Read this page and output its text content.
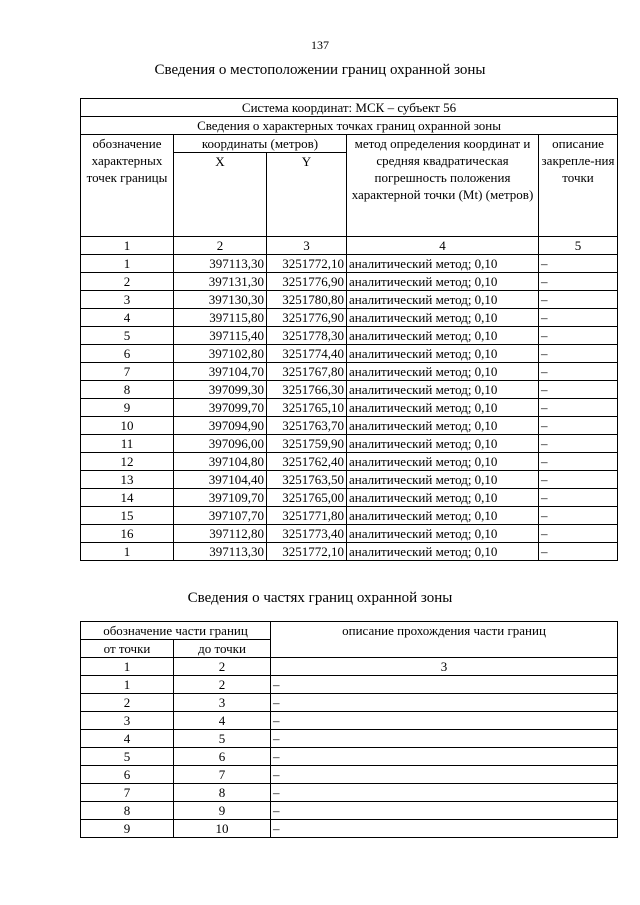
137
Сведения о местоположении границ охранной зоны
Система координат: МСК – субъект 56				
Сведения о характерных точках границ охранной зоны				
обозначение характерных точек границы	координаты (метров)		метод определения координат и средняя квадратическая погрешность положения характерной точки (Mt) (метров)	описание закрепле-ния точки
	X	Y		
1	2	3	4	5
1	397113,30	3251772,10	аналитический метод; 0,10	–
2	397131,30	3251776,90	аналитический метод; 0,10	–
3	397130,30	3251780,80	аналитический метод; 0,10	–
4	397115,80	3251776,90	аналитический метод; 0,10	–
5	397115,40	3251778,30	аналитический метод; 0,10	–
6	397102,80	3251774,40	аналитический метод; 0,10	–
7	397104,70	3251767,80	аналитический метод; 0,10	–
8	397099,30	3251766,30	аналитический метод; 0,10	–
9	397099,70	3251765,10	аналитический метод; 0,10	–
10	397094,90	3251763,70	аналитический метод; 0,10	–
11	397096,00	3251759,90	аналитический метод; 0,10	–
12	397104,80	3251762,40	аналитический метод; 0,10	–
13	397104,40	3251763,50	аналитический метод; 0,10	–
14	397109,70	3251765,00	аналитический метод; 0,10	–
15	397107,70	3251771,80	аналитический метод; 0,10	–
16	397112,80	3251773,40	аналитический метод; 0,10	–
1	397113,30	3251772,10	аналитический метод; 0,10	–
Сведения о частях границ охранной зоны
обозначение части границ		описание прохождения части границ
от точки	до точки	
1	2	3
1	2	–
2	3	–
3	4	–
4	5	–
5	6	–
6	7	–
7	8	–
8	9	–
9	10	–
